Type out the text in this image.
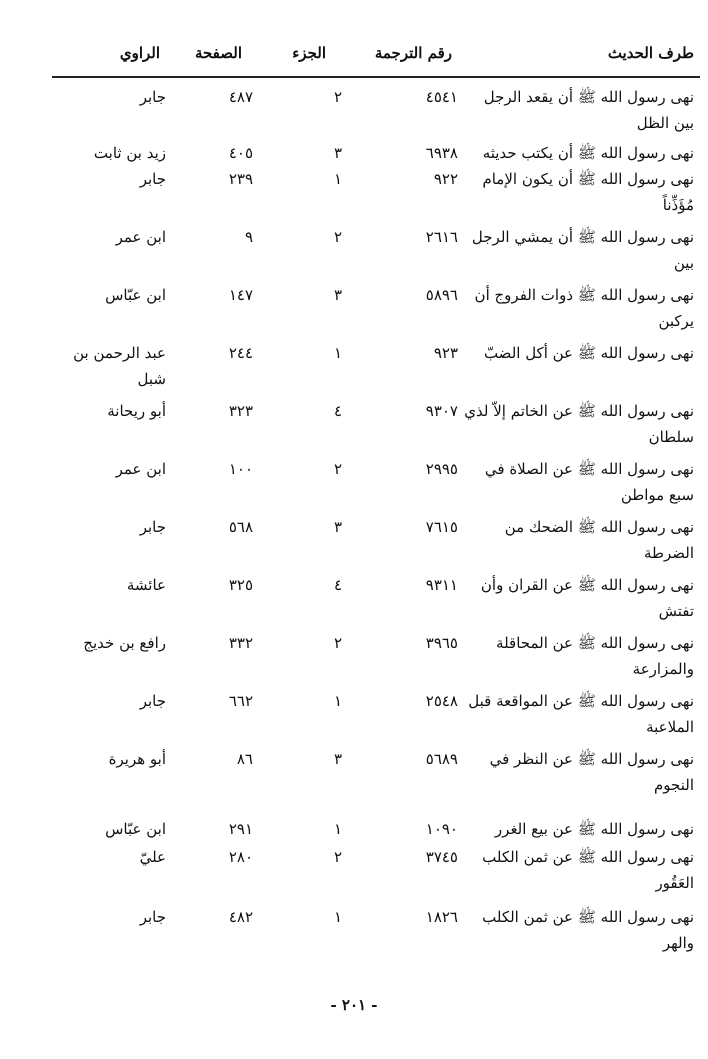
طرف الحديث
رقم الترجمة
الجزء
الصفحة
الراوي
نهى رسول الله ﷺ أن يقعد الرجل بين الظل
٤٥٤١
٢
٤٨٧
جابر
نهى رسول الله ﷺ أن يكتب حديثه
٦٩٣٨
٣
٤٠٥
زيد بن ثابت
نهى رسول الله ﷺ أن يكون الإمام مُؤَذِّناً
٩٢٢
١
٢٣٩
جابر
نهى رسول الله ﷺ أن يمشي الرجل بين
٢٦١٦
٢
٩
ابن عمر
نهى رسول الله ﷺ ذوات الفروج أن يركبن
٥٨٩٦
٣
١٤٧
ابن عبّاس
نهى رسول الله ﷺ عن أكل الضبّ
٩٢٣
١
٢٤٤
عبد الرحمن بن شبل
نهى رسول الله ﷺ عن الخاتم إلاّ لذي سلطان
٩٣٠٧
٤
٣٢٣
أبو ريحانة
نهى رسول الله ﷺ عن الصلاة في سبع مواطن
٢٩٩٥
٢
١٠٠
ابن عمر
نهى رسول الله ﷺ الضحك من الضرطة
٧٦١٥
٣
٥٦٨
جابر
نهى رسول الله ﷺ عن القران وأن تفتش
٩٣١١
٤
٣٢٥
عائشة
نهى رسول الله ﷺ عن المحاقلة والمزارعة
٣٩٦٥
٢
٣٣٢
رافع بن خديج
نهى رسول الله ﷺ عن المواقعة قبل الملاعبة
٢٥٤٨
١
٦٦٢
جابر
نهى رسول الله ﷺ عن النظر في النجوم
٥٦٨٩
٣
٨٦
أبو هريرة
نهى رسول الله ﷺ عن بيع الغرر
١٠٩٠
١
٢٩١
ابن عبّاس
نهى رسول الله ﷺ عن ثمن الكلب العَقُور
٣٧٤٥
٢
٢٨٠
عليّ
نهى رسول الله ﷺ عن ثمن الكلب والهر
١٨٢٦
١
٤٨٢
جابر
- ٢٠١ -
